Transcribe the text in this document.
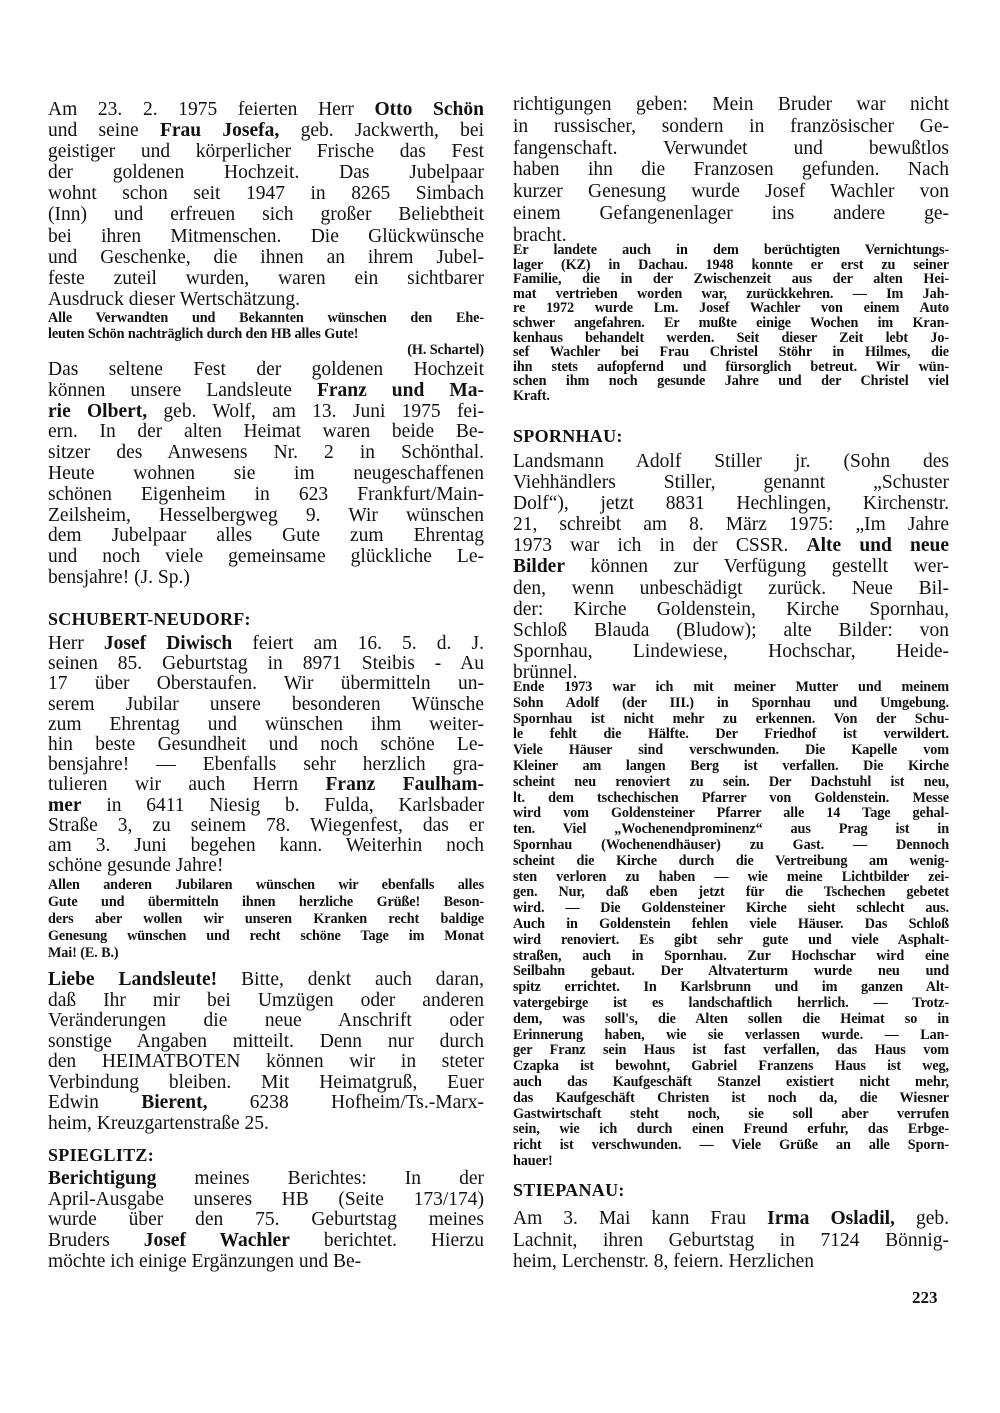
Am 23. 2. 1975 feierten Herr Otto Schön
und seine Frau Josefa, geb. Jackwerth, bei
geistiger und körperlicher Frische das Fest
der goldenen Hochzeit. Das Jubelpaar
wohnt schon seit 1947 in 8265 Simbach
(Inn) und erfreuen sich großer Beliebtheit
bei ihren Mitmenschen. Die Glückwünsche
und Geschenke, die ihnen an ihrem Jubel-
feste zuteil wurden, waren ein sichtbarer
Ausdruck dieser Wertschätzung.
Alle Verwandten und Bekannten wünschen den Ehe-
leuten Schön nachträglich durch den HB alles Gute!
(H. Schartel)
Das seltene Fest der goldenen Hochzeit
können unsere Landsleute Franz und Ma-
rie Olbert, geb. Wolf, am 13. Juni 1975 fei-
ern. In der alten Heimat waren beide Be-
sitzer des Anwesens Nr. 2 in Schönthal.
Heute wohnen sie im neugeschaffenen
schönen Eigenheim in 623 Frankfurt/Main-
Zeilsheim, Hesselbergweg 9. Wir wünschen
dem Jubelpaar alles Gute zum Ehrentag
und noch viele gemeinsame glückliche Le-
bensjahre! (J. Sp.)
SCHUBERT-NEUDORF:
Herr Josef Diwisch feiert am 16. 5. d. J.
seinen 85. Geburtstag in 8971 Steibis - Au
17 über Oberstaufen. Wir übermitteln un-
serem Jubilar unsere besonderen Wünsche
zum Ehrentag und wünschen ihm weiter-
hin beste Gesundheit und noch schöne Le-
bensjahre! — Ebenfalls sehr herzlich gra-
tulieren wir auch Herrn Franz Faulham-
mer in 6411 Niesig b. Fulda, Karlsbader
Straße 3, zu seinem 78. Wiegenfest, das er
am 3. Juni begehen kann. Weiterhin noch
schöne gesunde Jahre!
Allen anderen Jubilaren wünschen wir ebenfalls alles
Gute und übermitteln ihnen herzliche Grüße! Beson-
ders aber wollen wir unseren Kranken recht baldige
Genesung wünschen und recht schöne Tage im Monat
Mai! (E. B.)
Liebe Landsleute! Bitte, denkt auch daran,
daß Ihr mir bei Umzügen oder anderen
Veränderungen die neue Anschrift oder
sonstige Angaben mitteilt. Denn nur durch
den HEIMATBOTEN können wir in steter
Verbindung bleiben. Mit Heimatgruß, Euer
Edwin Bierent, 6238 Hofheim/Ts.-Marx-
heim, Kreuzgartenstraße 25.
SPIEGLITZ:
Berichtigung meines Berichtes: In der
April-Ausgabe unseres HB (Seite 173/174)
wurde über den 75. Geburtstag meines
Bruders Josef Wachler berichtet. Hierzu
möchte ich einige Ergänzungen und Be-
richtigungen geben: Mein Bruder war nicht
in russischer, sondern in französischer Ge-
fangenschaft. Verwundet und bewußtlos
haben ihn die Franzosen gefunden. Nach
kurzer Genesung wurde Josef Wachler von
einem Gefangenenlager ins andere ge-
bracht.
Er landete auch in dem berüchtigten Vernichtungs-
lager (KZ) in Dachau. 1948 konnte er erst zu seiner
Familie, die in der Zwischenzeit aus der alten Hei-
mat vertrieben worden war, zurückkehren. — Im Jah-
re 1972 wurde Lm. Josef Wachler von einem Auto
schwer angefahren. Er mußte einige Wochen im Kran-
kenhaus behandelt werden. Seit dieser Zeit lebt Jo-
sef Wachler bei Frau Christel Stöhr in Hilmes, die
ihn stets aufopfernd und fürsorglich betreut. Wir wün-
schen ihm noch gesunde Jahre und der Christel viel
Kraft.
SPORNHAU:
Landsmann Adolf Stiller jr. (Sohn des
Viehhändlers Stiller, genannt „Schuster
Dolf“), jetzt 8831 Hechlingen, Kirchenstr.
21, schreibt am 8. März 1975: „Im Jahre
1973 war ich in der CSSR. Alte und neue
Bilder können zur Verfügung gestellt wer-
den, wenn unbeschädigt zurück. Neue Bil-
der: Kirche Goldenstein, Kirche Spornhau,
Schloß Blauda (Bludow); alte Bilder: von
Spornhau, Lindewiese, Hochschar, Heide-
brünnel.
Ende 1973 war ich mit meiner Mutter und meinem
Sohn Adolf (der III.) in Spornhau und Umgebung.
Spornhau ist nicht mehr zu erkennen. Von der Schu-
le fehlt die Hälfte. Der Friedhof ist verwildert.
Viele Häuser sind verschwunden. Die Kapelle vom
Kleiner am langen Berg ist verfallen. Die Kirche
scheint neu renoviert zu sein. Der Dachstuhl ist neu,
lt. dem tschechischen Pfarrer von Goldenstein. Messe
wird vom Goldensteiner Pfarrer alle 14 Tage gehal-
ten. Viel „Wochenendprominenz“ aus Prag ist in
Spornhau (Wochenendhäuser) zu Gast. — Dennoch
scheint die Kirche durch die Vertreibung am wenig-
sten verloren zu haben — wie meine Lichtbilder zei-
gen. Nur, daß eben jetzt für die Tschechen gebetet
wird. — Die Goldensteiner Kirche sieht schlecht aus.
Auch in Goldenstein fehlen viele Häuser. Das Schloß
wird renoviert. Es gibt sehr gute und viele Asphalt-
straßen, auch in Spornhau. Zur Hochschar wird eine
Seilbahn gebaut. Der Altvaterturm wurde neu und
spitz errichtet. In Karlsbrunn und im ganzen Alt-
vatergebirge ist es landschaftlich herrlich. — Trotz-
dem, was soll's, die Alten sollen die Heimat so in
Erinnerung haben, wie sie verlassen wurde. — Lan-
ger Franz sein Haus ist fast verfallen, das Haus vom
Czapka ist bewohnt, Gabriel Franzens Haus ist weg,
auch das Kaufgeschäft Stanzel existiert nicht mehr,
das Kaufgeschäft Christen ist noch da, die Wiesner
Gastwirtschaft steht noch, sie soll aber verrufen
sein, wie ich durch einen Freund erfuhr, das Erbge-
richt ist verschwunden. — Viele Grüße an alle Sporn-
hauer!
STIEPANAU:
Am 3. Mai kann Frau Irma Osladil, geb.
Lachnit, ihren Geburtstag in 7124 Bönnig-
heim, Lerchenstr. 8, feiern. Herzlichen
223
